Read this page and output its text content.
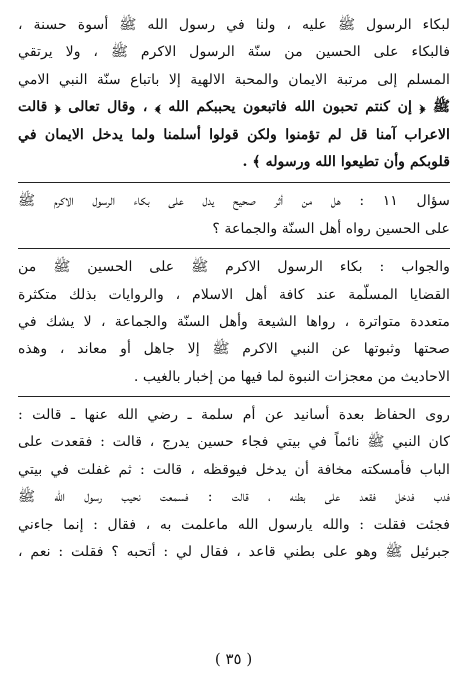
لبكاء الرسول ﷺ عليه ، ولنا في رسول الله ﷺ أسوة حسنة ،
فالبكاء على الحسين من سنّة الرسول الاكرم ﷺ ، ولا يرتقي
المسلم إلى مرتبة الايمان والمحبة الالهية إلا باتباع سنّة النبي الامي
ﷺ ﴿ إن كنتم تحبون الله فاتبعون يحببكم الله ﴾ ، وقال تعالى ﴿ قالت
الاعراب آمنا قل لم تؤمنوا ولكن قولوا أسلمنا ولما يدخل الايمان في
قلوبكم وأن تطيعوا الله ورسوله ﴾ .
سؤال ١١ : هل من أثر صحيح يدل على بكاء الرسول الاكرم ﷺ
على الحسين رواه أهل السنّة والجماعة ؟
والجواب : بكاء الرسول الاكرم ﷺ على الحسين ﷺ من
القضايا المسلّمة عند كافة أهل الاسلام ، والروايات بذلك متكثرة
متعددة متواترة ، رواها الشيعة وأهل السنّة والجماعة ، لا يشك في
صحتها وثبوتها عن النبي الاكرم ﷺ إلا جاهل أو معاند ، وهذه
الاحاديث من معجزات النبوة لما فيها من إخبار بالغيب .
روى الحفاظ بعدة أسانيد عن أم سلمة ـ رضي الله عنها ـ قالت :
كان النبي ﷺ نائماً في بيتي فجاء حسين يدرج ، قالت : فقعدت على
الباب فأمسكته مخافة أن يدخل فيوقظه ، قالت : ثم غفلت في بيتي
فدب فدخل فقعد على بطنه ، قالت : فسمعت نحيب رسول الله ﷺ
فجئت فقلت : والله يارسول الله ماعلمت به ، فقال : إنما جاءني
جبرئيل ﷺ وهو على بطني قاعد ، فقال لي : أتحبه ؟ فقلت : نعم ،
( ٣٥ )
